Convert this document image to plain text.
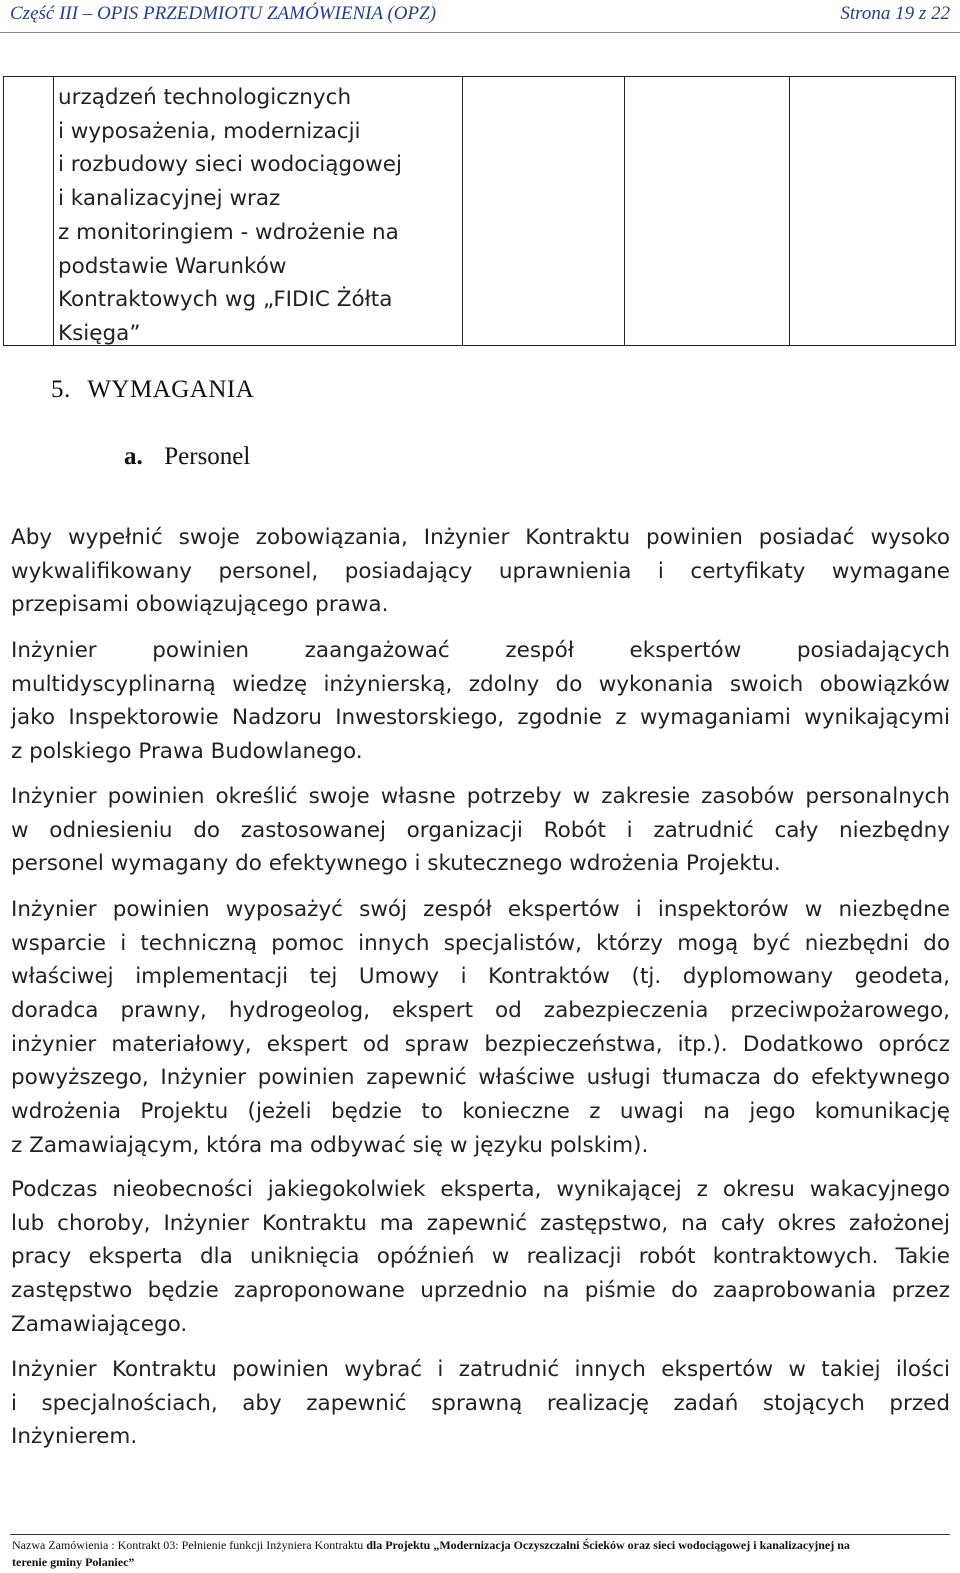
Część III – OPIS PRZEDMIOTU ZAMÓWIENIA (OPZ)	Strona 19 z 22
urządzeń technologicznych
i wyposażenia, modernizacji
i rozbudowy sieci wodociągowej
i kanalizacyjnej wraz
z monitoringiem - wdrożenie na
podstawie Warunków
Kontraktowych wg „FIDIC Żółta
Księga”
5. WYMAGANIA
a. Personel
Aby wypełnić swoje zobowiązania, Inżynier Kontraktu powinien posiadać wysoko
wykwalifikowany personel, posiadający uprawnienia i certyfikaty wymagane
przepisami obowiązującego prawa.
Inżynier powinien zaangażować zespół ekspertów posiadających
multidyscyplinarną wiedzę inżynierską, zdolny do wykonania swoich obowiązków
jako Inspektorowie Nadzoru Inwestorskiego, zgodnie z wymaganiami wynikającymi
z polskiego Prawa Budowlanego.
Inżynier powinien określić swoje własne potrzeby w zakresie zasobów personalnych
w odniesieniu do zastosowanej organizacji Robót i zatrudnić cały niezbędny
personel wymagany do efektywnego i skutecznego wdrożenia Projektu.
Inżynier powinien wyposażyć swój zespół ekspertów i inspektorów w niezbędne
wsparcie i techniczną pomoc innych specjalistów, którzy mogą być niezbędni do
właściwej implementacji tej Umowy i Kontraktów (tj. dyplomowany geodeta,
doradca prawny, hydrogeolog, ekspert od zabezpieczenia przeciwpożarowego,
inżynier materiałowy, ekspert od spraw bezpieczeństwa, itp.). Dodatkowo oprócz
powyższego, Inżynier powinien zapewnić właściwe usługi tłumacza do efektywnego
wdrożenia Projektu (jeżeli będzie to konieczne z uwagi na jego komunikację
z Zamawiającym, która ma odbywać się w języku polskim).
Podczas nieobecności jakiegokolwiek eksperta, wynikającej z okresu wakacyjnego
lub choroby, Inżynier Kontraktu ma zapewnić zastępstwo, na cały okres założonej
pracy eksperta dla uniknięcia opóźnień w realizacji robót kontraktowych. Takie
zastępstwo będzie zaproponowane uprzednio na piśmie do zaaprobowania przez
Zamawiającego.
Inżynier Kontraktu powinien wybrać i zatrudnić innych ekspertów w takiej ilości
i specjalnościach, aby zapewnić sprawną realizację zadań stojących przed
Inżynierem.
Nazwa Zamówienia : Kontrakt 03: Pełnienie funkcji Inżyniera Kontraktu dla Projektu „Modernizacja Oczyszczalni Ścieków oraz sieci wodociągowej i kanalizacyjnej na
terenie gminy Połaniec”
